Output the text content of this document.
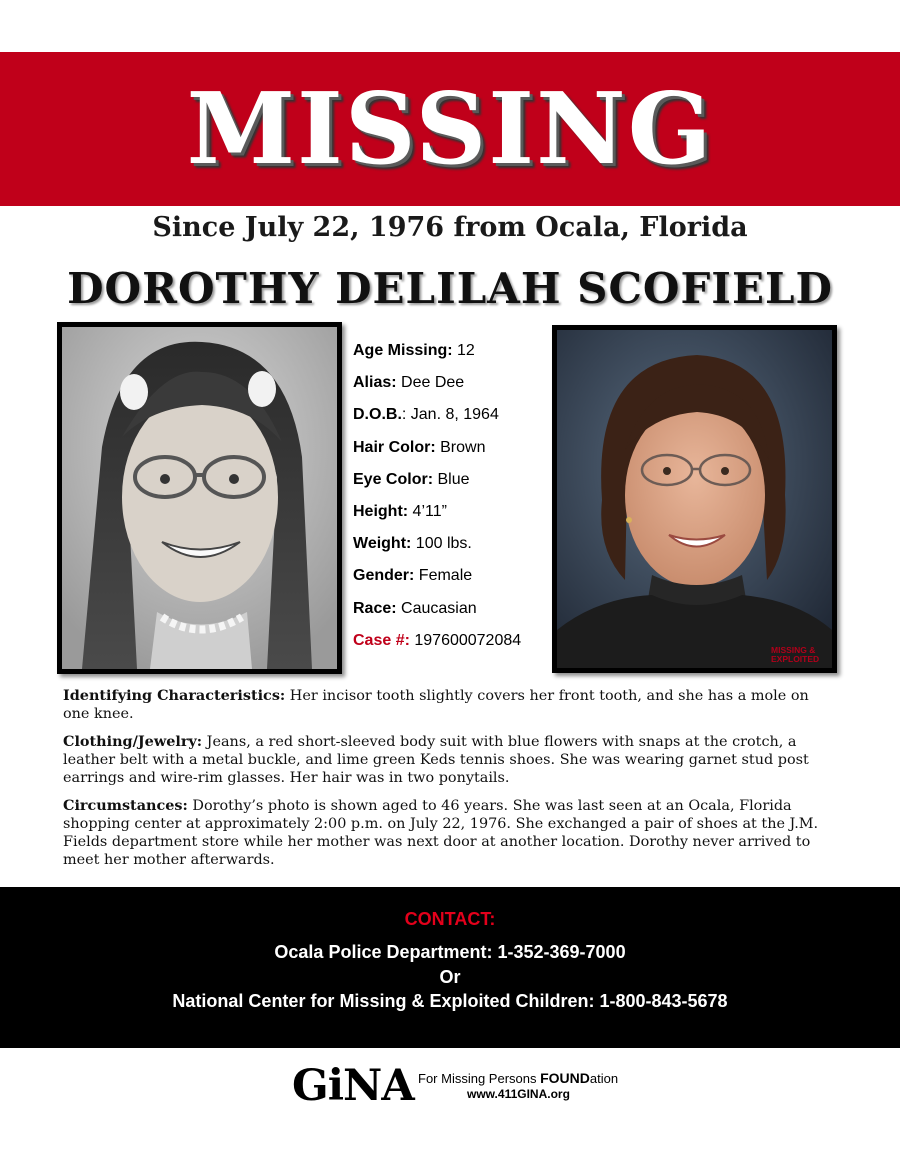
MISSING
Since July 22, 1976 from Ocala, Florida
DOROTHY DELILAH SCOFIELD
Age Missing: 12
Alias: Dee Dee
D.O.B.: Jan. 8, 1964
Hair Color: Brown
Eye Color: Blue
Height: 4’11”
Weight: 100 lbs.
Gender: Female
Race: Caucasian
Case #: 197600072084
MISSING &
EXPLOITED
Identifying Characteristics: Her incisor tooth slightly covers her front tooth, and she has a mole on one knee.
Clothing/Jewelry: Jeans, a red short-sleeved body suit with blue flowers with snaps at the crotch, a leather belt with a metal buckle, and lime green Keds tennis shoes. She was wearing garnet stud post earrings and wire-rim glasses. Her hair was in two ponytails.
Circumstances: Dorothy’s photo is shown aged to 46 years. She was last seen at an Ocala, Florida shopping center at approximately 2:00 p.m. on July 22, 1976. She exchanged a pair of shoes at the J.M. Fields department store while her mother was next door at another location. Dorothy never arrived to meet her mother afterwards.
CONTACT:
Ocala Police Department: 1-352-369-7000
Or
National Center for Missing & Exploited Children: 1-800-843-5678
GiNA For Missing Persons FOUNDation
www.411GINA.org
